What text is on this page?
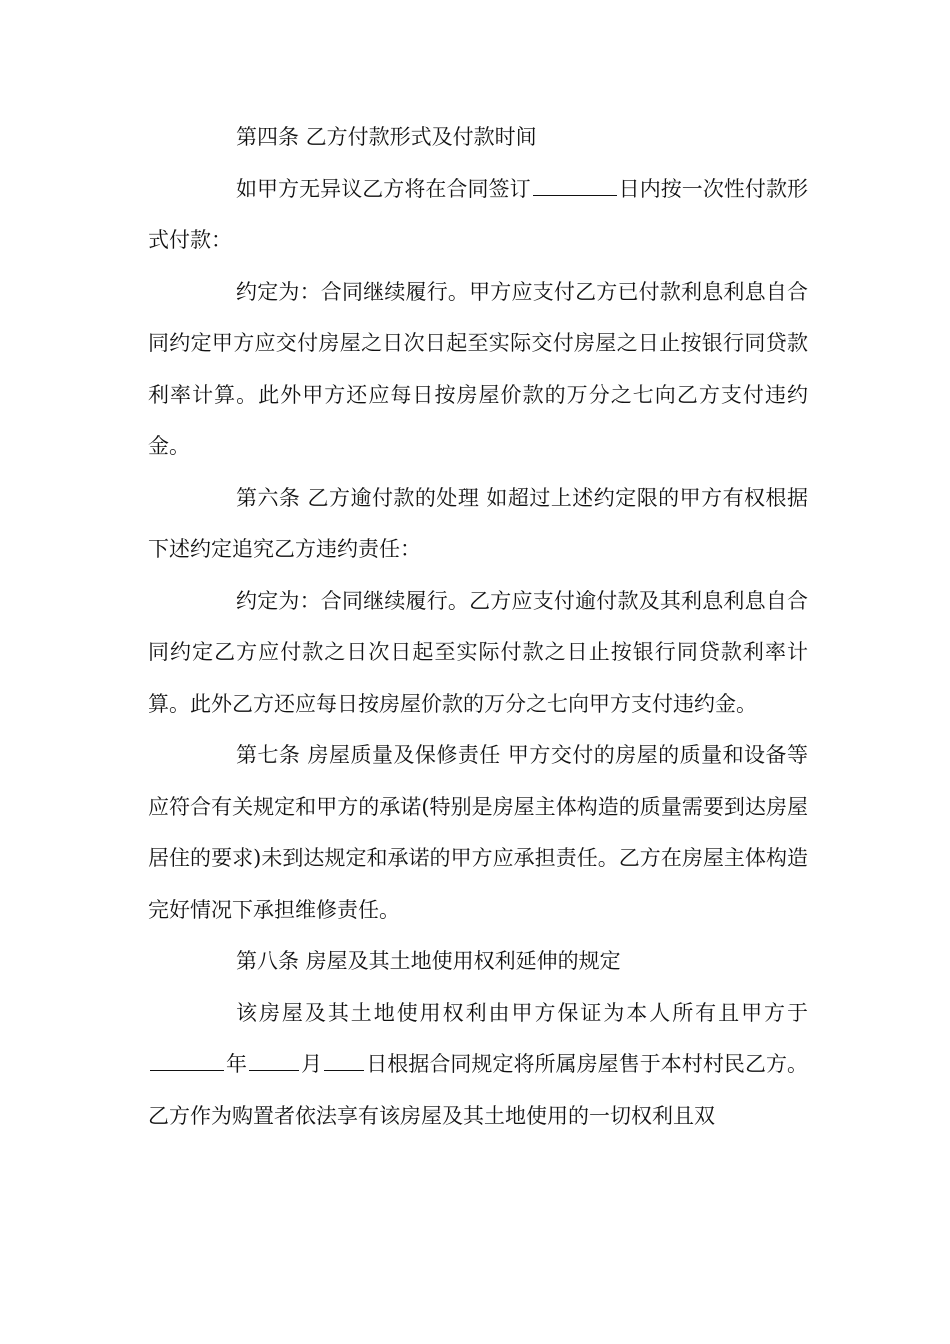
第四条 乙方付款形式及付款时间

如甲方无异议乙方将在合同签订	日内按一次性付款形式付款：

约定为：合同继续履行。甲方应支付乙方已付款利息利息自合同约定甲方应交付房屋之日次日起至实际交付房屋之日止按银行同贷款利率计算。此外甲方还应每日按房屋价款的万分之七向乙方支付违约金。

第六条 乙方逾付款的处理 如超过上述约定限的甲方有权根据下述约定追究乙方违约责任：

约定为：合同继续履行。乙方应支付逾付款及其利息利息自合同约定乙方应付款之日次日起至实际付款之日止按银行同贷款利率计算。此外乙方还应每日按房屋价款的万分之七向甲方支付违约金。

第七条 房屋质量及保修责任 甲方交付的房屋的质量和设备等应符合有关规定和甲方的承诺(特别是房屋主体构造的质量需要到达房屋居住的要求)未到达规定和承诺的甲方应承担责任。乙方在房屋主体构造完好情况下承担维修责任。

第八条 房屋及其土地使用权利延伸的规定

该房屋及其土地使用权利由甲方保证为本人所有且甲方于年	月 日根据合同规定将所属房屋售于本村村民乙方。乙方作为购置者依法享有该房屋及其土地使用的一切权利且双
